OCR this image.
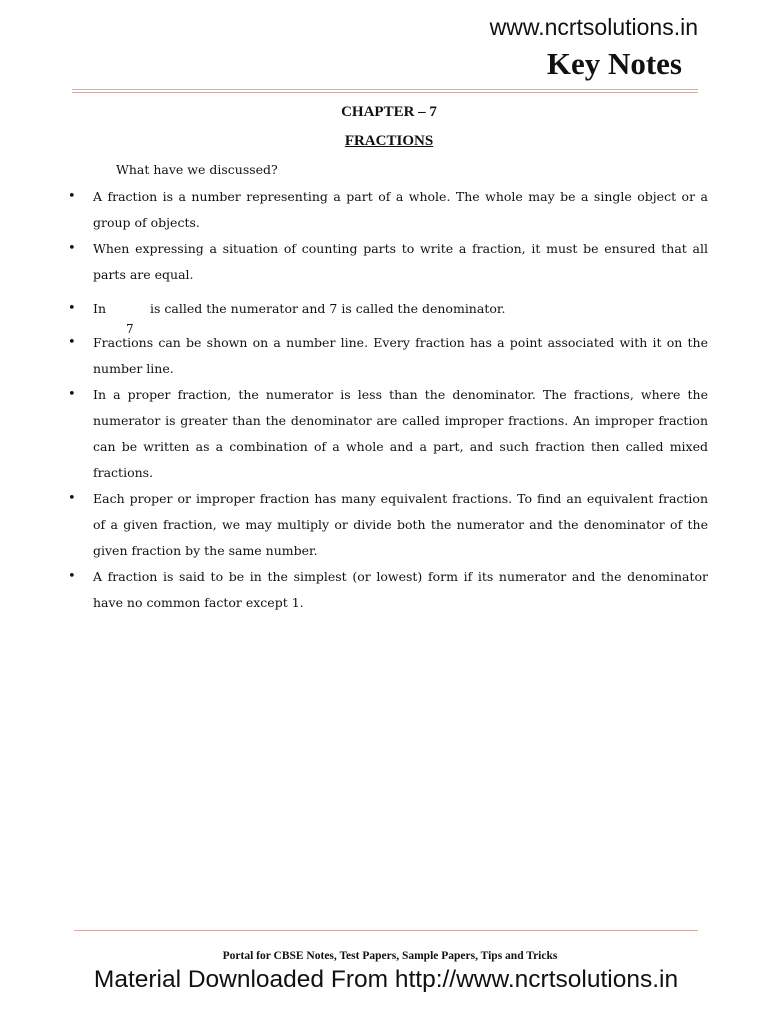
www.ncrtsolutions.in
Key Notes
CHAPTER – 7
FRACTIONS
What have we discussed?
• A fraction is a number representing a part of a whole. The whole may be a single object or a group of objects.
• When expressing a situation of counting parts to write a fraction, it must be ensured that all parts are equal.
• In
7
is called the numerator and 7 is called the denominator.
• Fractions can be shown on a number line. Every fraction has a point associated with it on the number line.
• In a proper fraction, the numerator is less than the denominator. The fractions, where the numerator is greater than the denominator are called improper fractions. An improper fraction can be written as a combination of a whole and a part, and such fraction then called mixed fractions.
• Each proper or improper fraction has many equivalent fractions. To find an equivalent fraction of a given fraction, we may multiply or divide both the numerator and the denominator of the given fraction by the same number.
• A fraction is said to be in the simplest (or lowest) form if its numerator and the denominator have no common factor except 1.
Portal for CBSE Notes, Test Papers, Sample Papers, Tips and Tricks
Material Downloaded From http://www.ncrtsolutions.in
